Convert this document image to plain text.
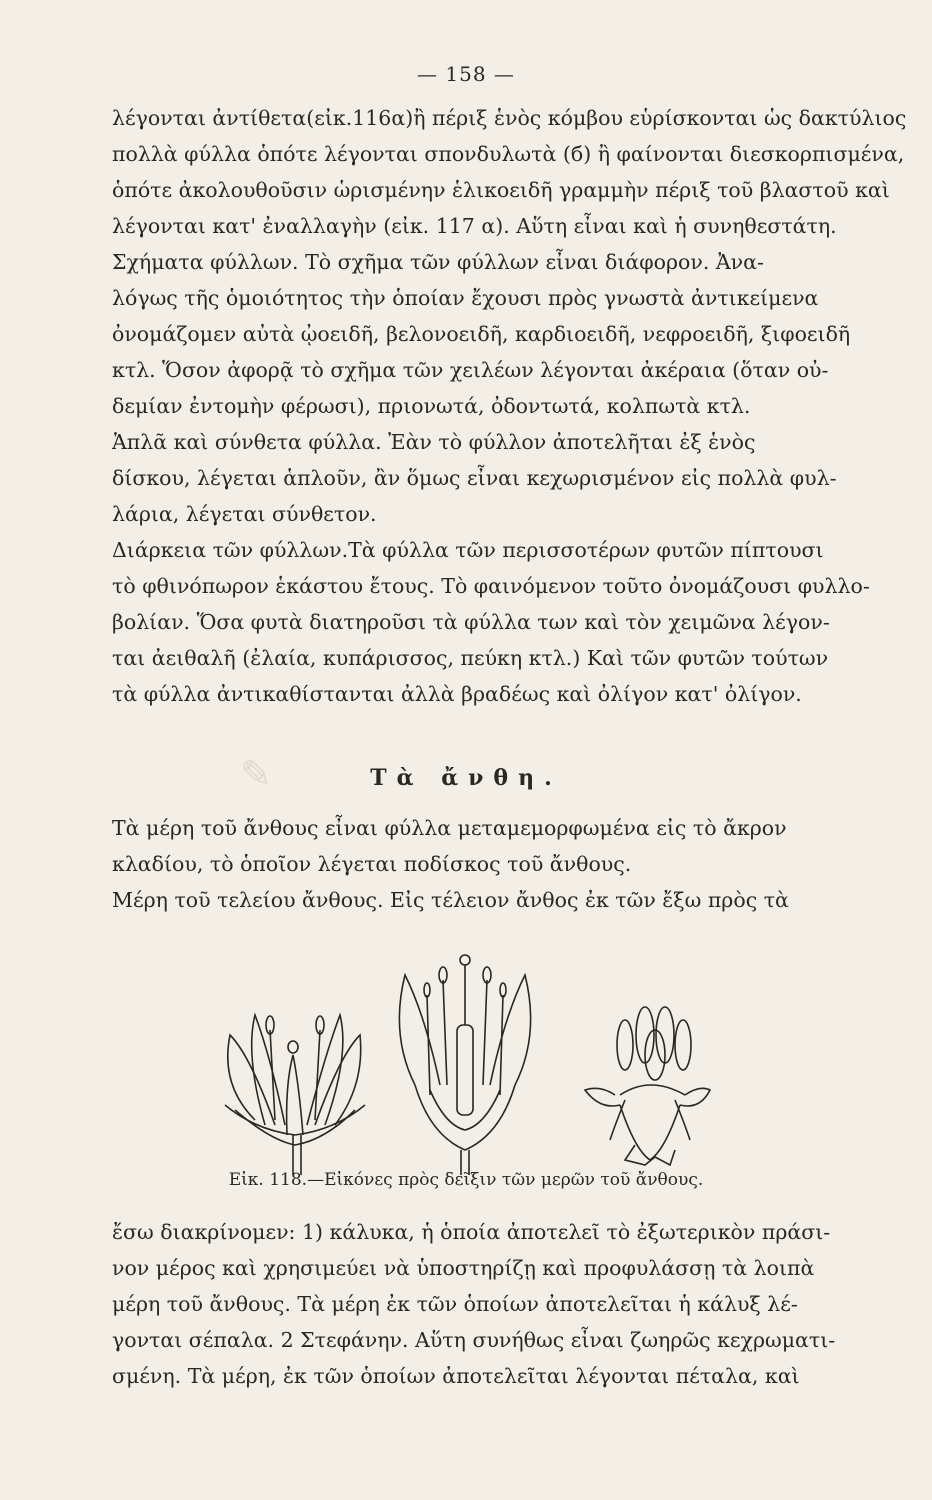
— 158 —
λέγονται ἀντίθετα(εἰκ.116α)ἢ πέριξ ἑνὸς κόμβου εὑρίσκονται ὡς δακτύλιος
πολλὰ φύλλα ὁπότε λέγονται σπονδυλωτὰ (б) ἢ φαίνονται διεσκορπισμένα,
ὁπότε ἀκολουθοῦσιν ὡρισμένην ἑλικοειδῆ γραμμὴν πέριξ τοῦ βλαστοῦ καὶ
λέγονται κατ' ἐναλλαγὴν (εἰκ. 117 α). Αὕτη εἶναι καὶ ἡ συνηθεστάτη.
Σχήματα φύλλων. Τὸ σχῆμα τῶν φύλλων εἶναι διάφορον. Ἀνα-
λόγως τῆς ὁμοιότητος τὴν ὁποίαν ἔχουσι πρὸς γνωστὰ ἀντικείμενα
ὀνομάζομεν αὐτὰ ᾠοειδῆ, βελονοειδῆ, καρδιοειδῆ, νεφροειδῆ, ξιφοειδῆ
κτλ. Ὅσον ἀφορᾷ τὸ σχῆμα τῶν χειλέων λέγονται ἀκέραια (ὅταν οὐ-
δεμίαν ἐντομὴν φέρωσι), πριονωτά, ὀδοντωτά, κολπωτὰ κτλ.
Ἁπλᾶ καὶ σύνθετα φύλλα. Ἐὰν τὸ φύλλον ἀποτελῆται ἐξ ἑνὸς
δίσκου, λέγεται ἁπλοῦν, ἂν ὅμως εἶναι κεχωρισμένον εἰς πολλὰ φυλ-
λάρια, λέγεται σύνθετον.
Διάρκεια τῶν φύλλων.Τὰ φύλλα τῶν περισσοτέρων φυτῶν πίπτουσι
τὸ φθινόπωρον ἑκάστου ἔτους. Τὸ φαινόμενον τοῦτο ὀνομάζουσι φυλλο-
βολίαν. Ὅσα φυτὰ διατηροῦσι τὰ φύλλα των καὶ τὸν χειμῶνα λέγον-
ται ἀειθαλῆ (ἐλαία, κυπάρισσος, πεύκη κτλ.) Καὶ τῶν φυτῶν τούτων
τὰ φύλλα ἀντικαθίστανται ἀλλὰ βραδέως καὶ ὀλίγον κατ' ὀλίγον.
✎	Τὰ ἄνθη.
Τὰ μέρη τοῦ ἄνθους εἶναι φύλλα μεταμεμορφωμένα εἰς τὸ ἄκρον
κλαδίου, τὸ ὁποῖον λέγεται ποδίσκος τοῦ ἄνθους.
Μέρη τοῦ τελείου ἄνθους. Εἰς τέλειον ἄνθος ἐκ τῶν ἔξω πρὸς τὰ
Εἰκ. 118.—Εἰκόνες πρὸς δεῖξιν τῶν μερῶν τοῦ ἄνθους.
ἔσω διακρίνομεν: 1) κάλυκα, ἡ ὁποία ἀποτελεῖ τὸ ἐξωτερικὸν πράσι-
νον μέρος καὶ χρησιμεύει νὰ ὑποστηρίζῃ καὶ προφυλάσσῃ τὰ λοιπὰ
μέρη τοῦ ἄνθους. Τὰ μέρη ἐκ τῶν ὁποίων ἀποτελεῖται ἡ κάλυξ λέ-
γονται σέπαλα. 2 Στεφάνην. Αὕτη συνήθως εἶναι ζωηρῶς κεχρωματι-
σμένη. Τὰ μέρη, ἐκ τῶν ὁποίων ἀποτελεῖται λέγονται πέταλα, καὶ
